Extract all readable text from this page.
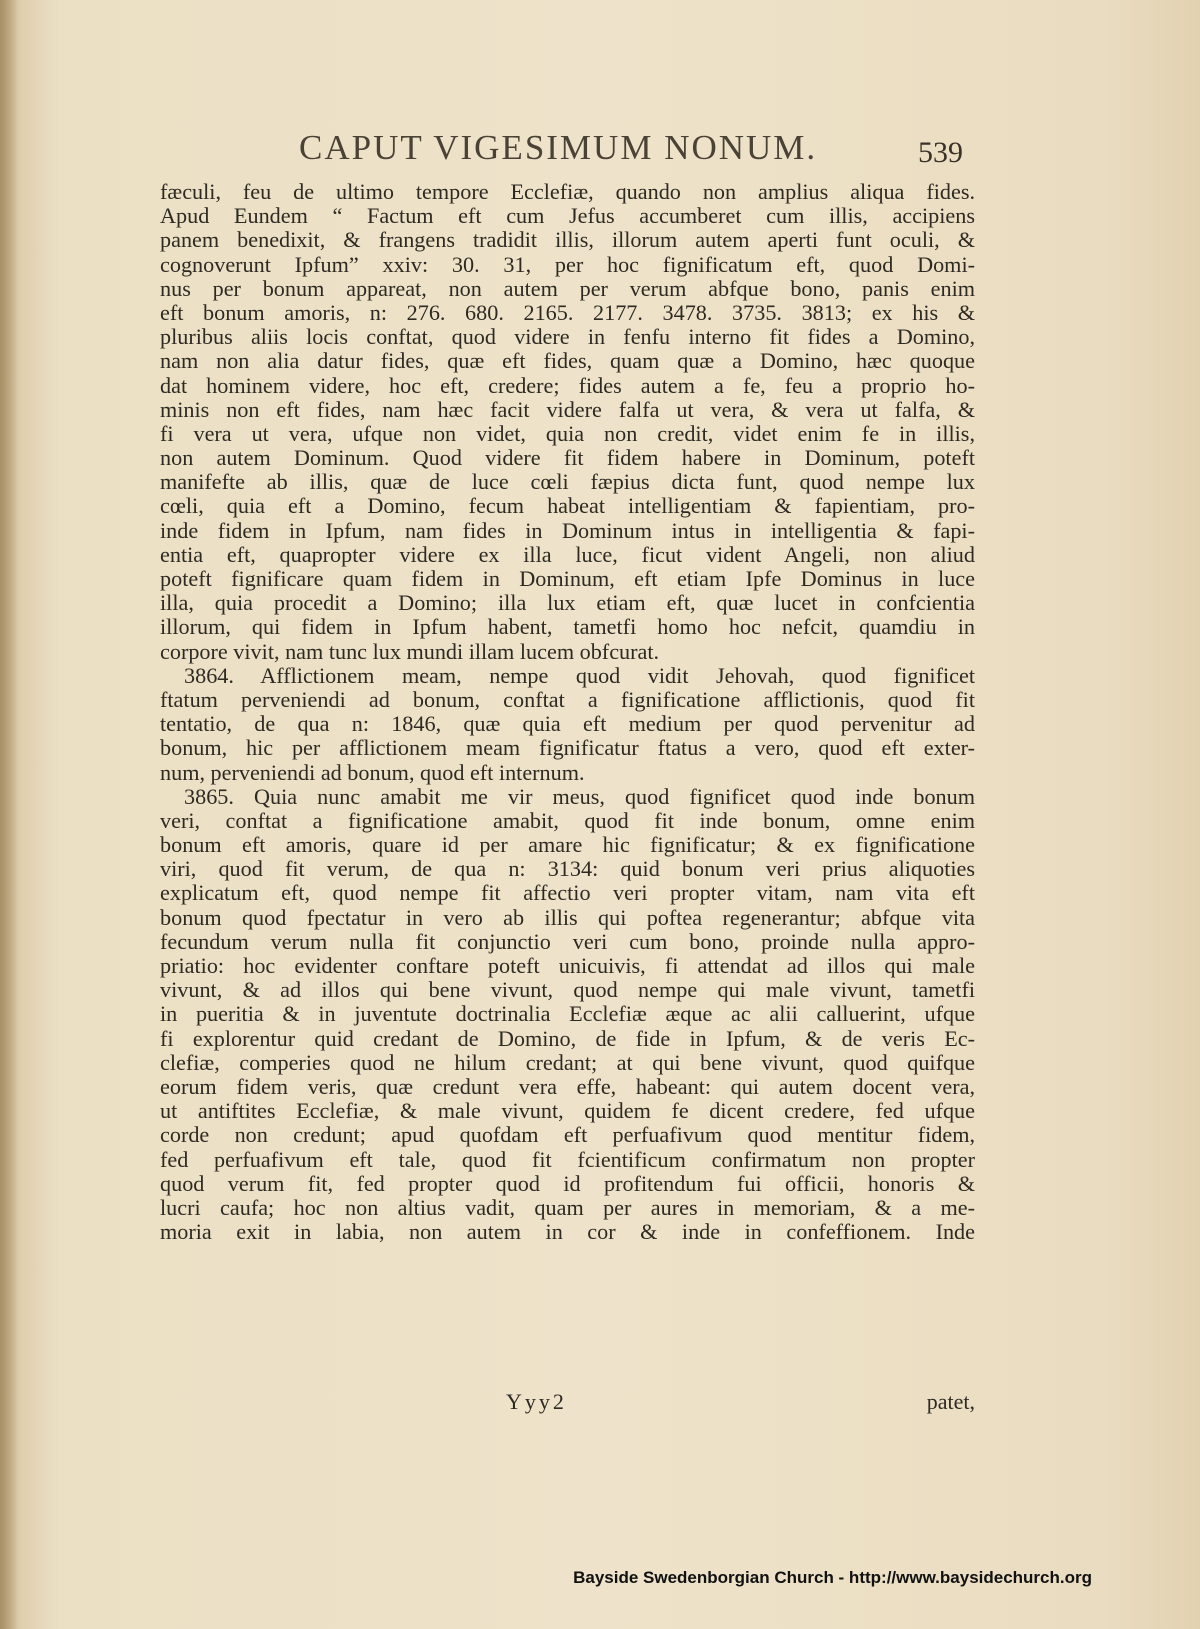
CAPUT VIGESIMUM NONUM.	539
fæculi, feu de ultimo tempore Ecclefiæ, quando non amplius aliqua fides.
Apud Eundem “ Factum eft cum Jefus accumberet cum illis, accipiens
panem benedixit, & frangens tradidit illis, illorum autem aperti funt oculi, &
cognoverunt Ipfum” xxiv: 30. 31, per hoc fignificatum eft, quod Domi-
nus per bonum appareat, non autem per verum abfque bono, panis enim
eft bonum amoris, n: 276. 680. 2165. 2177. 3478. 3735. 3813; ex his &
pluribus aliis locis conftat, quod videre in fenfu interno fit fides a Domino,
nam non alia datur fides, quæ eft fides, quam quæ a Domino, hæc quoque
dat hominem videre, hoc eft, credere; fides autem a fe, feu a proprio ho-
minis non eft fides, nam hæc facit videre falfa ut vera, & vera ut falfa, &
fi vera ut vera, ufque non videt, quia non credit, videt enim fe in illis,
non autem Dominum. Quod videre fit fidem habere in Dominum, poteft
manifefte ab illis, quæ de luce cœli fæpius dicta funt, quod nempe lux
cœli, quia eft a Domino, fecum habeat intelligentiam & fapientiam, pro-
inde fidem in Ipfum, nam fides in Dominum intus in intelligentia & fapi-
entia eft, quapropter videre ex illa luce, ficut vident Angeli, non aliud
poteft fignificare quam fidem in Dominum, eft etiam Ipfe Dominus in luce
illa, quia procedit a Domino; illa lux etiam eft, quæ lucet in confcientia
illorum, qui fidem in Ipfum habent, tametfi homo hoc nefcit, quamdiu in
corpore vivit, nam tunc lux mundi illam lucem obfcurat.
3864. Afflictionem meam, nempe quod vidit Jehovah, quod fignificet
ftatum perveniendi ad bonum, conftat a fignificatione afflictionis, quod fit
tentatio, de qua n: 1846, quæ quia eft medium per quod pervenitur ad
bonum, hic per afflictionem meam fignificatur ftatus a vero, quod eft exter-
num, perveniendi ad bonum, quod eft internum.
3865. Quia nunc amabit me vir meus, quod fignificet quod inde bonum
veri, conftat a fignificatione amabit, quod fit inde bonum, omne enim
bonum eft amoris, quare id per amare hic fignificatur; & ex fignificatione
viri, quod fit verum, de qua n: 3134: quid bonum veri prius aliquoties
explicatum eft, quod nempe fit affectio veri propter vitam, nam vita eft
bonum quod fpectatur in vero ab illis qui poftea regenerantur; abfque vita
fecundum verum nulla fit conjunctio veri cum bono, proinde nulla appro-
priatio: hoc evidenter conftare poteft unicuivis, fi attendat ad illos qui male
vivunt, & ad illos qui bene vivunt, quod nempe qui male vivunt, tametfi
in pueritia & in juventute doctrinalia Ecclefiæ æque ac alii calluerint, ufque
fi explorentur quid credant de Domino, de fide in Ipfum, & de veris Ec-
clefiæ, comperies quod ne hilum credant; at qui bene vivunt, quod quifque
eorum fidem veris, quæ credunt vera effe, habeant: qui autem docent vera,
ut antiftites Ecclefiæ, & male vivunt, quidem fe dicent credere, fed ufque
corde non credunt; apud quofdam eft perfuafivum quod mentitur fidem,
fed perfuafivum eft tale, quod fit fcientificum confirmatum non propter
quod verum fit, fed propter quod id profitendum fui officii, honoris &
lucri caufa; hoc non altius vadit, quam per aures in memoriam, & a me-
moria exit in labia, non autem in cor & inde in confeffionem. Inde
Yyy2	patet,
Bayside Swedenborgian Church - http://www.baysidechurch.org
